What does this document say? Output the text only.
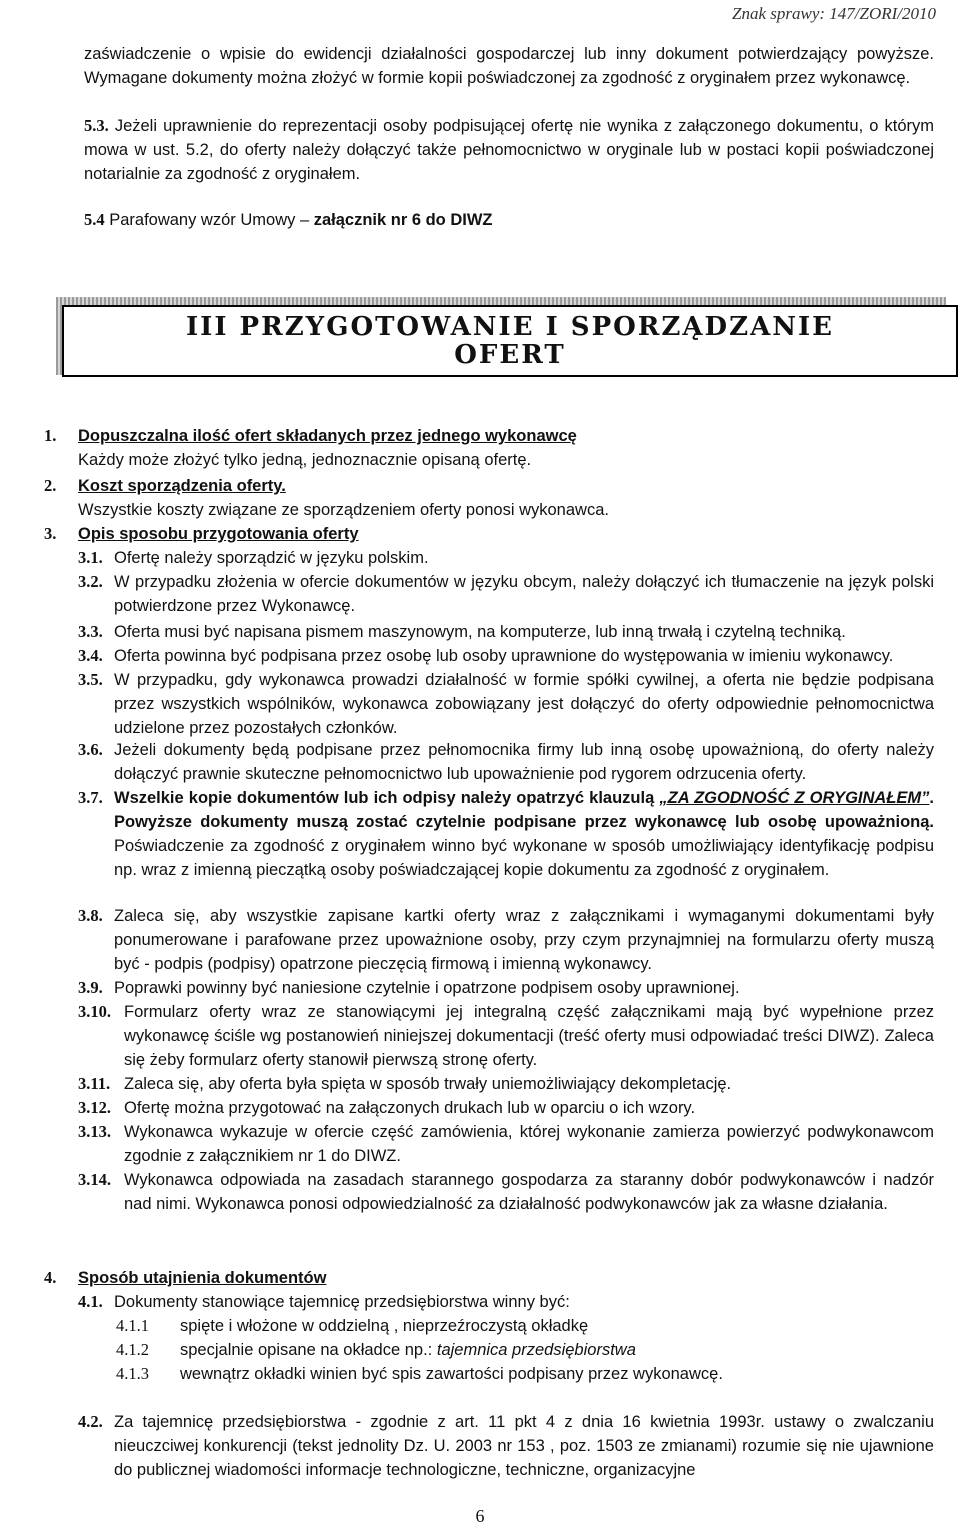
Znak sprawy: 147/ZORI/2010
zaświadczenie o wpisie do ewidencji działalności gospodarczej lub inny dokument potwierdzający powyższe. Wymagane dokumenty można złożyć w formie kopii poświadczonej za zgodność z oryginałem przez wykonawcę.
5.3. Jeżeli uprawnienie do reprezentacji osoby podpisującej ofertę nie wynika z załączonego dokumentu, o którym mowa w ust. 5.2, do oferty należy dołączyć także pełnomocnictwo w oryginale lub w postaci kopii poświadczonej notarialnie za zgodność z oryginałem.
5.4 Parafowany wzór Umowy – załącznik nr 6 do DIWZ
III PRZYGOTOWANIE I SPORZĄDZANIE
OFERT
1. Dopuszczalna ilość ofert składanych przez jednego wykonawcę
Każdy może złożyć tylko jedną, jednoznacznie opisaną ofertę.
2. Koszt sporządzenia oferty.
Wszystkie koszty związane ze sporządzeniem oferty ponosi wykonawca.
3. Opis sposobu przygotowania oferty
3.1. Ofertę należy sporządzić w języku polskim.
3.2. W przypadku złożenia w ofercie dokumentów w języku obcym, należy dołączyć ich tłumaczenie na język polski potwierdzone przez Wykonawcę.
3.3. Oferta musi być napisana pismem maszynowym, na komputerze, lub inną trwałą i czytelną techniką.
3.4. Oferta powinna być podpisana przez osobę lub osoby uprawnione do występowania w imieniu wykonawcy.
3.5. W przypadku, gdy wykonawca prowadzi działalność w formie spółki cywilnej, a oferta nie będzie podpisana przez wszystkich wspólników, wykonawca zobowiązany jest dołączyć do oferty odpowiednie pełnomocnictwa udzielone przez pozostałych członków.
3.6. Jeżeli dokumenty będą podpisane przez pełnomocnika firmy lub inną osobę upoważnioną, do oferty należy dołączyć prawnie skuteczne pełnomocnictwo lub upoważnienie pod rygorem odrzucenia oferty.
3.7. Wszelkie kopie dokumentów lub ich odpisy należy opatrzyć klauzulą „ZA ZGODNOŚĆ Z ORYGINAŁEM”. Powyższe dokumenty muszą zostać czytelnie podpisane przez wykonawcę lub osobę upoważnioną. Poświadczenie za zgodność z oryginałem winno być wykonane w sposób umożliwiający identyfikację podpisu np. wraz z imienną pieczątką osoby poświadczającej kopie dokumentu za zgodność z oryginałem.
3.8. Zaleca się, aby wszystkie zapisane kartki oferty wraz z załącznikami i wymaganymi dokumentami były ponumerowane i parafowane przez upoważnione osoby, przy czym przynajmniej na formularzu oferty muszą być - podpis (podpisy) opatrzone pieczęcią firmową i imienną wykonawcy.
3.9. Poprawki powinny być naniesione czytelnie i opatrzone podpisem osoby uprawnionej.
3.10. Formularz oferty wraz ze stanowiącymi jej integralną część załącznikami mają być wypełnione przez wykonawcę ściśle wg postanowień niniejszej dokumentacji (treść oferty musi odpowiadać treści DIWZ). Zaleca się żeby formularz oferty stanowił pierwszą stronę oferty.
3.11. Zaleca się, aby oferta była spięta w sposób trwały uniemożliwiający dekompletację.
3.12. Ofertę można przygotować na załączonych drukach lub w oparciu o ich wzory.
3.13. Wykonawca wykazuje w ofercie część zamówienia, której wykonanie zamierza powierzyć podwykonawcom zgodnie z załącznikiem nr 1 do DIWZ.
3.14. Wykonawca odpowiada na zasadach starannego gospodarza za staranny dobór podwykonawców i nadzór nad nimi. Wykonawca ponosi odpowiedzialność za działalność podwykonawców jak za własne działania.
4. Sposób utajnienia dokumentów
4.1. Dokumenty stanowiące tajemnicę przedsiębiorstwa winny być:
4.1.1	spięte i włożone w oddzielną , nieprzeźroczystą okładkę
4.1.2	specjalnie opisane na okładce np.: tajemnica przedsiębiorstwa
4.1.3	wewnątrz okładki winien być spis zawartości podpisany przez wykonawcę.
4.2. Za tajemnicę przedsiębiorstwa - zgodnie z art. 11 pkt 4 z dnia 16 kwietnia 1993r. ustawy o zwalczaniu nieuczciwej konkurencji (tekst jednolity Dz. U. 2003 nr 153 , poz. 1503 ze zmianami) rozumie się nie ujawnione do publicznej wiadomości informacje technologiczne, techniczne, organizacyjne
6
